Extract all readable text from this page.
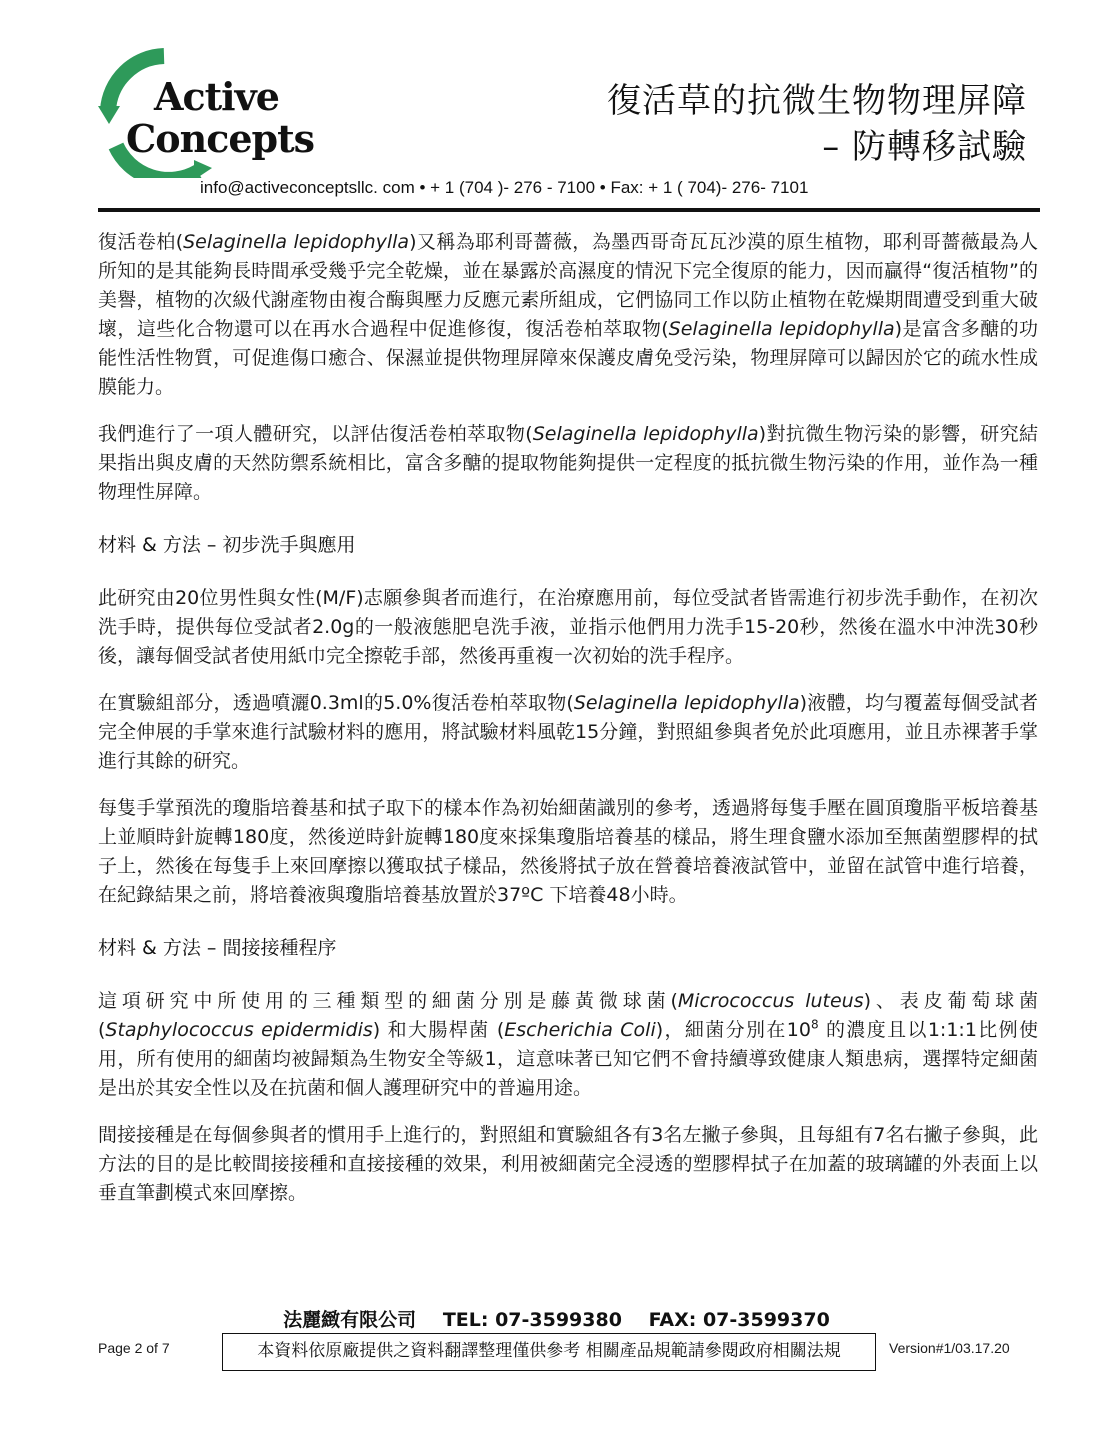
Active
Concepts
復活草的抗微生物物理屏障
– 防轉移試驗
info@activeconceptsllc. com • + 1 (704 )- 276 - 7100 • Fax: + 1 ( 704)- 276- 7101

復活卷柏(Selaginella lepidophylla)又稱為耶利哥薔薇，為墨西哥奇瓦瓦沙漠的原生植物，耶利哥薔薇最為人所知的是其能夠長時間承受幾乎完全乾燥，並在暴露於高濕度的情況下完全復原的能力，因而贏得“復活植物”的美譽，植物的次級代謝產物由複合酶與壓力反應元素所組成，它們協同工作以防止植物在乾燥期間遭受到重大破壞，這些化合物還可以在再水合過程中促進修復，復活卷柏萃取物(Selaginella lepidophylla)是富含多醣的功能性活性物質，可促進傷口癒合、保濕並提供物理屏障來保護皮膚免受污染，物理屏障可以歸因於它的疏水性成膜能力。

我們進行了一項人體研究，以評估復活卷柏萃取物(Selaginella lepidophylla)對抗微生物污染的影響，研究結果指出與皮膚的天然防禦系統相比，富含多醣的提取物能夠提供一定程度的抵抗微生物污染的作用，並作為一種物理性屏障。

材料 & 方法 – 初步洗手與應用

此研究由20位男性與女性(M/F)志願參與者而進行，在治療應用前，每位受試者皆需進行初步洗手動作，在初次洗手時，提供每位受試者2.0g的一般液態肥皂洗手液，並指示他們用力洗手15-20秒，然後在溫水中沖洗30秒後，讓每個受試者使用紙巾完全擦乾手部，然後再重複一次初始的洗手程序。

在實驗組部分，透過噴灑0.3ml的5.0%復活卷柏萃取物(Selaginella lepidophylla)液體，均勻覆蓋每個受試者完全伸展的手掌來進行試驗材料的應用，將試驗材料風乾15分鐘，對照組參與者免於此項應用，並且赤裸著手掌進行其餘的研究。

每隻手掌預洗的瓊脂培養基和拭子取下的樣本作為初始細菌識別的參考，透過將每隻手壓在圓頂瓊脂平板培養基上並順時針旋轉180度，然後逆時針旋轉180度來採集瓊脂培養基的樣品，將生理食鹽水添加至無菌塑膠桿的拭子上，然後在每隻手上來回摩擦以獲取拭子樣品，然後將拭子放在營養培養液試管中，並留在試管中進行培養，在紀錄結果之前，將培養液與瓊脂培養基放置於37ºC 下培養48小時。

材料 & 方法 – 間接接種程序

這項研究中所使用的三種類型的細菌分別是藤黃微球菌(Micrococcus luteus)、表皮葡萄球菌(Staphylococcus epidermidis) 和大腸桿菌 (Escherichia Coli)，細菌分別在$10^8$ 的濃度且以1:1:1比例使用，所有使用的細菌均被歸類為生物安全等級1，這意味著已知它們不會持續導致健康人類患病，選擇特定細菌是出於其安全性以及在抗菌和個人護理研究中的普遍用途。

間接接種是在每個參與者的慣用手上進行的，對照組和實驗組各有3名左撇子參與，且每組有7名右撇子參與，此方法的目的是比較間接接種和直接接種的效果，利用被細菌完全浸透的塑膠桿拭子在加蓋的玻璃罐的外表面上以垂直筆劃模式來回摩擦。

法麗緻有限公司 TEL: 07-3599380 FAX: 07-3599370
Page 2 of 7	本資料依原廠提供之資料翻譯整理僅供參考 相關產品規範請參閱政府相關法規	Version#1/03.17.20
